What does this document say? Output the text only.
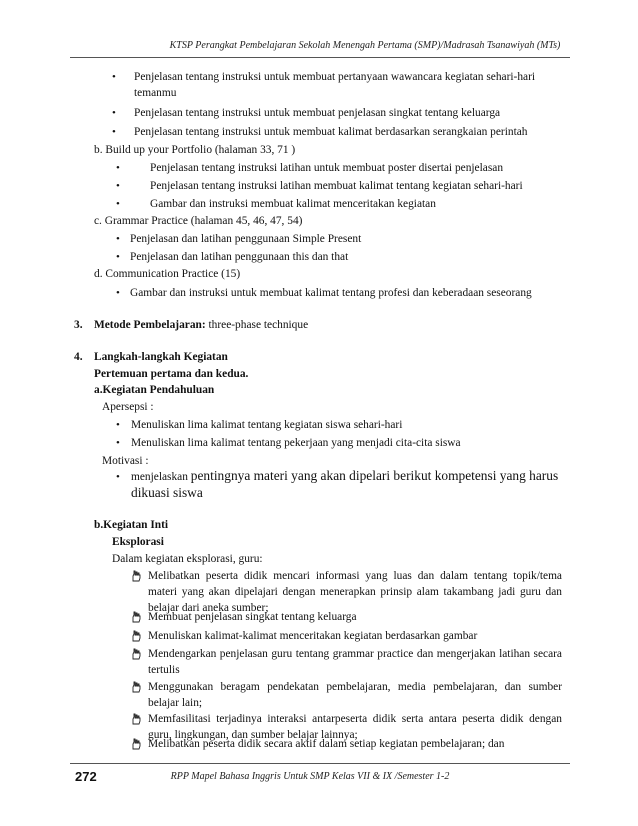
KTSP Perangkat Pembelajaran Sekolah Menengah Pertama (SMP)/Madrasah Tsanawiyah (MTs)
• Penjelasan tentang instruksi untuk membuat pertanyaan wawancara kegiatan sehari-hari
temanmu
• Penjelasan tentang instruksi untuk membuat penjelasan singkat tentang keluarga
• Penjelasan tentang instruksi untuk membuat kalimat berdasarkan serangkaian perintah
b. Build up your Portfolio (halaman 33, 71 )
•	Penjelasan tentang instruksi latihan untuk membuat poster disertai penjelasan
•	Penjelasan tentang instruksi latihan membuat kalimat tentang kegiatan sehari-hari
•	Gambar dan instruksi membuat kalimat menceritakan kegiatan
c. Grammar Practice (halaman 45, 46, 47, 54)
• Penjelasan dan latihan penggunaan Simple Present
• Penjelasan dan latihan penggunaan this dan that
d. Communication Practice (15)
• Gambar dan instruksi untuk membuat kalimat tentang profesi dan keberadaan seseorang
3. Metode Pembelajaran: three-phase technique
4. Langkah-langkah Kegiatan
Pertemuan pertama dan kedua.
a.Kegiatan Pendahuluan
Apersepsi :
• Menuliskan lima kalimat tentang kegiatan siswa sehari-hari
• Menuliskan lima kalimat tentang pekerjaan yang menjadi cita-cita siswa
Motivasi :
• menjelaskan pentingnya materi yang akan dipelari berikut kompetensi yang harus
dikuasi siswa
b.Kegiatan Inti
Eksplorasi
Dalam kegiatan eksplorasi, guru:
Melibatkan peserta didik mencari informasi yang luas dan dalam tentang topik/tema
materi yang akan dipelajari dengan menerapkan prinsip alam takambang jadi guru dan
belajar dari aneka sumber;
Membuat penjelasan singkat tentang keluarga
Menuliskan kalimat-kalimat menceritakan kegiatan berdasarkan gambar
Mendengarkan penjelasan guru tentang grammar practice dan mengerjakan latihan secara
tertulis
Menggunakan beragam pendekatan pembelajaran, media pembelajaran, dan sumber
belajar lain;
Memfasilitasi terjadinya interaksi antarpeserta didik serta antara peserta didik dengan
guru, lingkungan, dan sumber belajar lainnya;
Melibatkan peserta didik secara aktif dalam setiap kegiatan pembelajaran; dan
272	RPP Mapel Bahasa Inggris Untuk SMP Kelas VII & IX /Semester 1-2
